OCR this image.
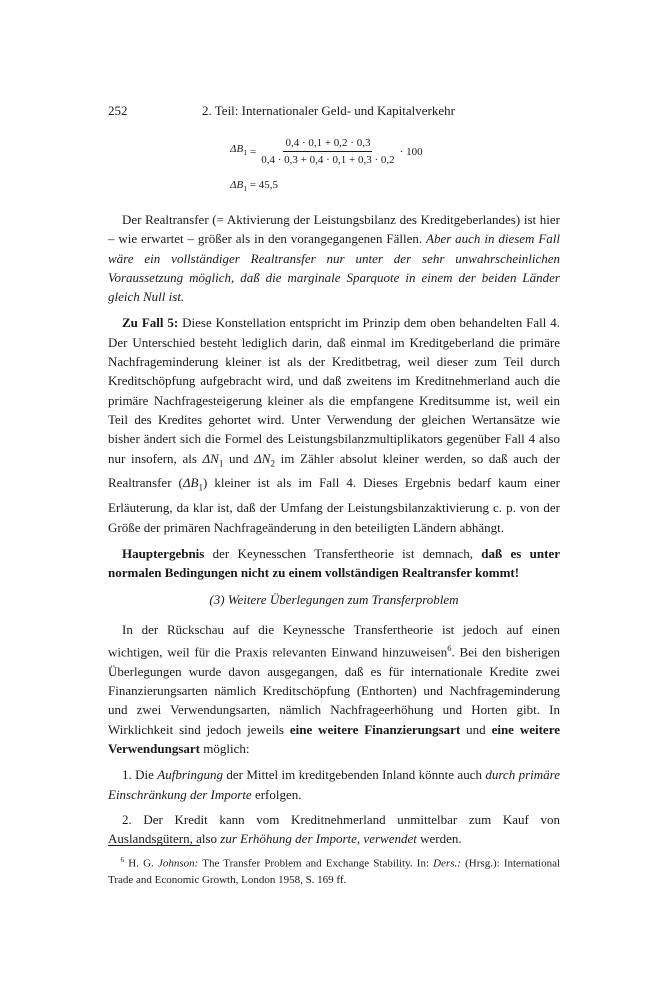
252	2. Teil: Internationaler Geld- und Kapitalverkehr
$\Delta B_1 = \frac{0,4 \cdot 0,1 + 0,2 \cdot 0,3}{0,4 \cdot 0,3 + 0,4 \cdot 0,1 + 0,3 \cdot 0,2} \cdot 100$
$\Delta B_1 = 45,5$

Der Realtransfer (= Aktivierung der Leistungsbilanz des Kreditgeberlandes) ist hier – wie erwartet – größer als in den vorangegangenen Fällen. Aber auch in diesem Fall wäre ein vollständiger Realtransfer nur unter der sehr unwahrscheinlichen Voraussetzung möglich, daß die marginale Sparquote in einem der beiden Länder gleich Null ist.

Zu Fall 5: Diese Konstellation entspricht im Prinzip dem oben behandelten Fall 4. Der Unterschied besteht lediglich darin, daß einmal im Kreditgeberland die primäre Nachfrageminderung kleiner ist als der Kreditbetrag, weil dieser zum Teil durch Kreditschöpfung aufgebracht wird, und daß zweitens im Kreditnehmerland auch die primäre Nachfragesteigerung kleiner als die empfangene Kreditsumme ist, weil ein Teil des Kredites gehortet wird. Unter Verwendung der gleichen Wertansätze wie bisher ändert sich die Formel des Leistungsbilanzmultiplikators gegenüber Fall 4 also nur insofern, als $\Delta N_1$ und $\Delta N_2$ im Zähler absolut kleiner werden, so daß auch der Realtransfer $(\Delta B_1)$ kleiner ist als im Fall 4. Dieses Ergebnis bedarf kaum einer Erläuterung, da klar ist, daß der Umfang der Leistungsbilanzaktivierung c. p. von der Größe der primären Nachfrageänderung in den beteiligten Ländern abhängt.

Hauptergebnis der Keynesschen Transfertheorie ist demnach, daß es unter normalen Bedingungen nicht zu einem vollständigen Realtransfer kommt!

(3) Weitere Überlegungen zum Transferproblem

In der Rückschau auf die Keynessche Transfertheorie ist jedoch auf einen wichtigen, weil für die Praxis relevanten Einwand hinzuweisen$^6$. Bei den bisherigen Überlegungen wurde davon ausgegangen, daß es für internationale Kredite zwei Finanzierungsarten nämlich Kreditschöpfung (Enthorten) und Nachfrageminderung und zwei Verwendungsarten, nämlich Nachfrageerhöhung und Horten gibt. In Wirklichkeit sind jedoch jeweils eine weitere Finanzierungsart und eine weitere Verwendungsart möglich:

1. Die Aufbringung der Mittel im kreditgebenden Inland könnte auch durch primäre Einschränkung der Importe erfolgen.

2. Der Kredit kann vom Kreditnehmerland unmittelbar zum Kauf von Auslandsgütern, also zur Erhöhung der Importe, verwendet werden.

$^6$ H. G. Johnson: The Transfer Problem and Exchange Stability. In: Ders.: (Hrsg.): International Trade and Economic Growth, London 1958, S. 169 ff.
